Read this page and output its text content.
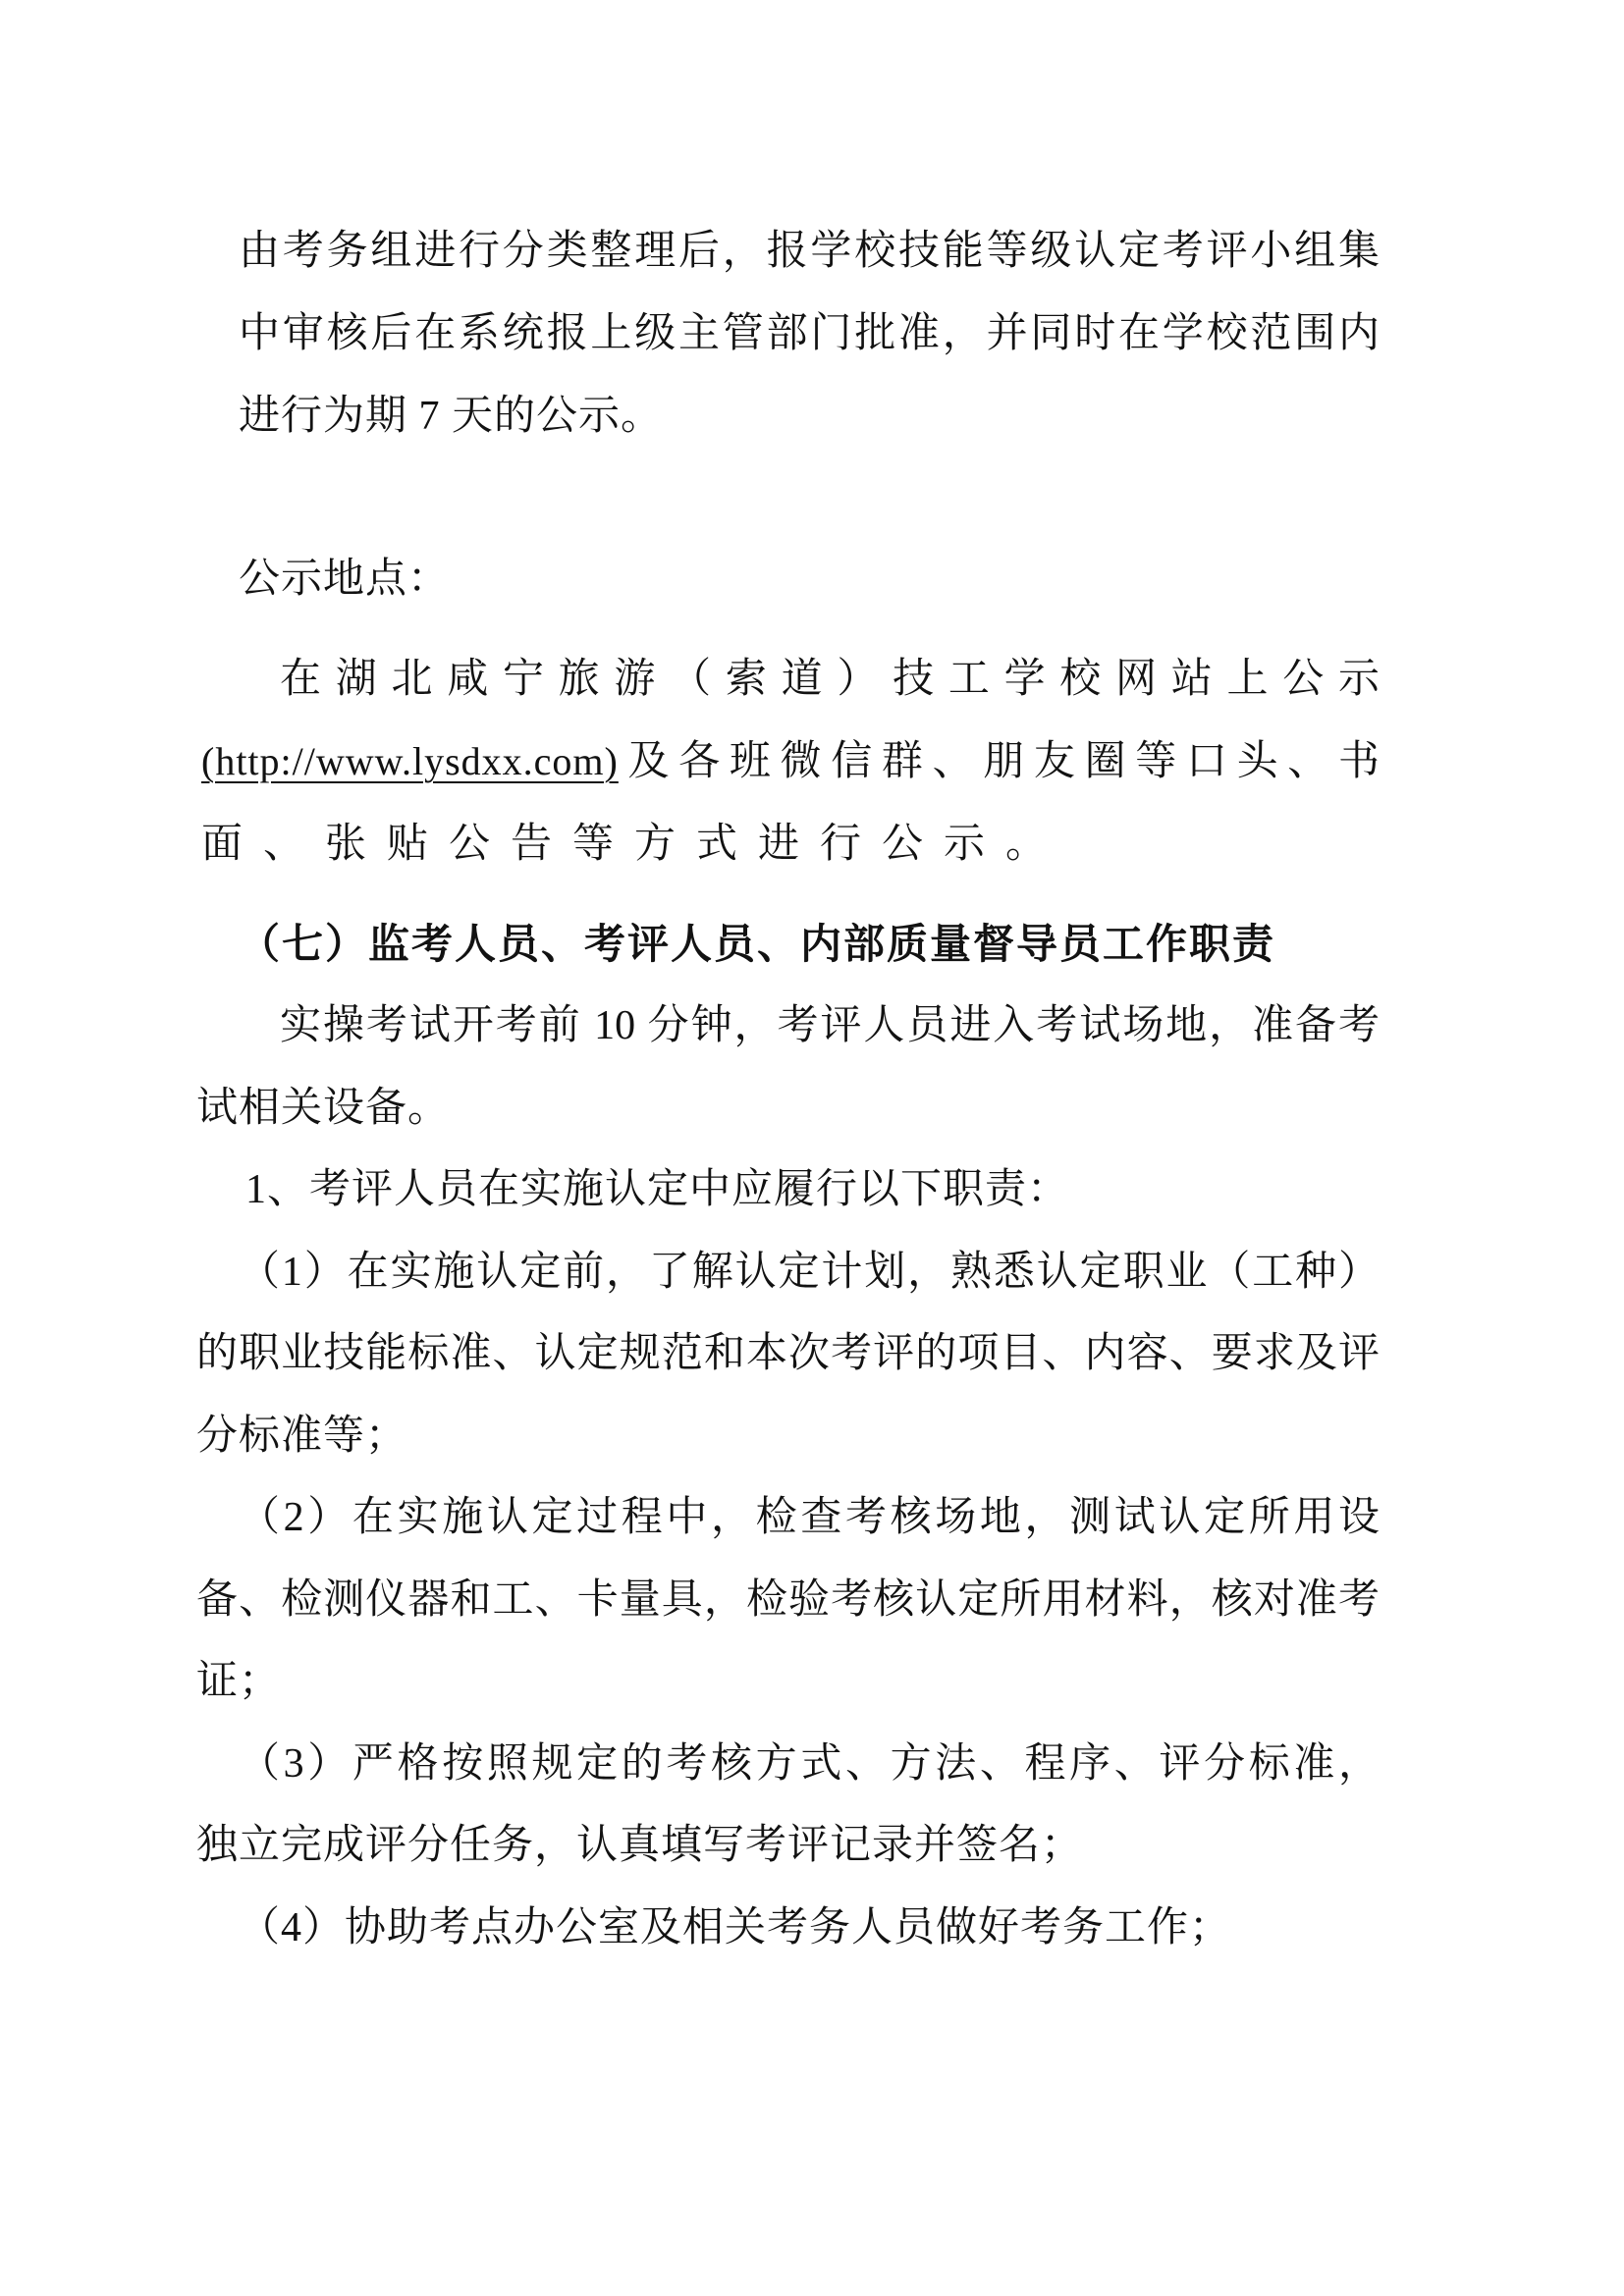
由考务组进行分类整理后，报学校技能等级认定考评小组集
中审核后在系统报上级主管部门批准，并同时在学校范围内
进行为期 7 天的公示。
公示地点：
在湖北咸宁旅游（索道）技工学校网站上公示
(http://www.lysdxx.com)及各班微信群、朋友圈等口头、书
面、张贴公告等方式进行公示。
（七）监考人员、考评人员、内部质量督导员工作职责
实操考试开考前 10 分钟，考评人员进入考试场地，准备考
试相关设备。
1、考评人员在实施认定中应履行以下职责：
（1）在实施认定前，了解认定计划，熟悉认定职业（工种）
的职业技能标准、认定规范和本次考评的项目、内容、要求及评
分标准等；
（2）在实施认定过程中，检查考核场地，测试认定所用设
备、检测仪器和工、卡量具，检验考核认定所用材料，核对准考
证；
（3）严格按照规定的考核方式、方法、程序、评分标准，
独立完成评分任务，认真填写考评记录并签名；
（4）协助考点办公室及相关考务人员做好考务工作；
